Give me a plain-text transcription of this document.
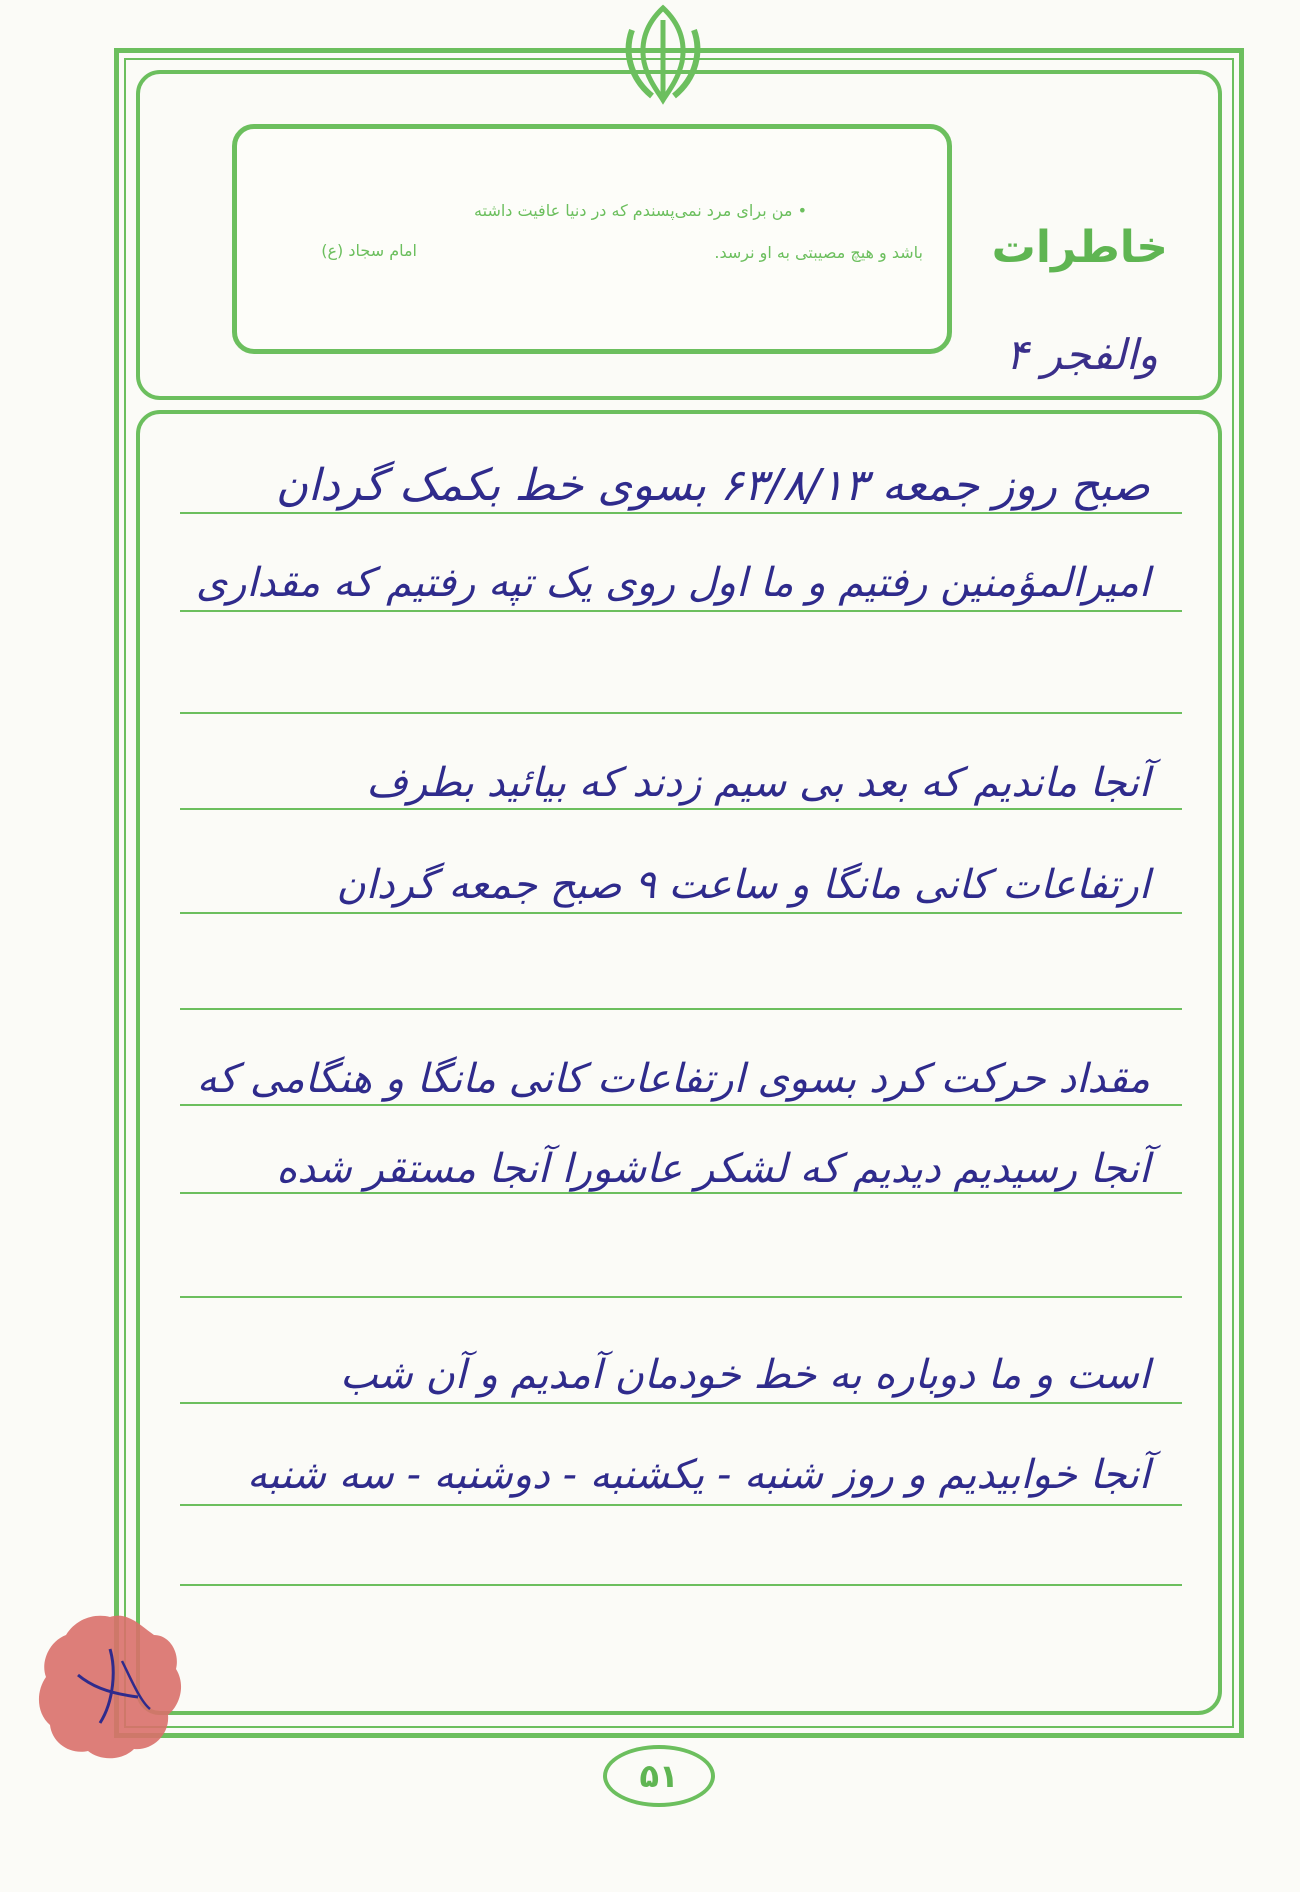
• من برای مرد نمی‌پسندم که در دنیا عافیت داشته
باشد و هیچ مصیبتی به او نرسد.
امام سجاد (ع)	خاطرات
والفجر ۴
صبح روز جمعه ۶۳/۸/۱۳ بسوی خط بکمک گردان
امیرالمؤمنین رفتیم و ما اول روی یک تپه رفتیم که مقداری
آنجا ماندیم که بعد بی سیم زدند که بیائید بطرف
ارتفاعات کانی مانگا و ساعت ۹ صبح جمعه گردان
مقداد حرکت کرد بسوی ارتفاعات کانی مانگا و هنگامی که
آنجا رسیدیم دیدیم که لشکر عاشورا آنجا مستقر شده
است و ما دوباره به خط خودمان آمدیم و آن شب
آنجا خوابیدیم و روز شنبه - یکشنبه - دوشنبه - سه شنبه
۵۱
